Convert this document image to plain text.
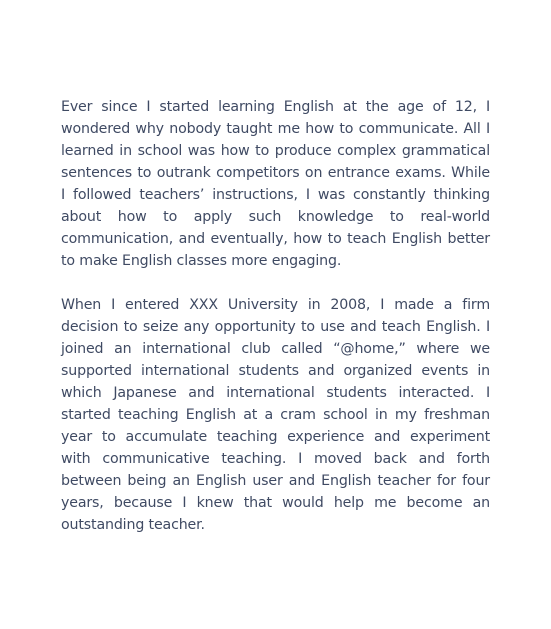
Ever since I started learning English at the age of 12, I wondered why nobody taught me how to communicate. All I learned in school was how to produce complex grammatical sentences to outrank competitors on entrance exams. While I followed teachers’ instructions, I was constantly thinking about how to apply such knowledge to real-world communication, and eventually, how to teach English better to make English classes more engaging.

When I entered XXX University in 2008, I made a firm decision to seize any opportunity to use and teach English. I joined an international club called “@home,” where we supported international students and organized events in which Japanese and international students interacted. I started teaching English at a cram school in my freshman year to accumulate teaching experience and experiment with communicative teaching. I moved back and forth between being an English user and English teacher for four years, because I knew that would help me become an outstanding teacher.
